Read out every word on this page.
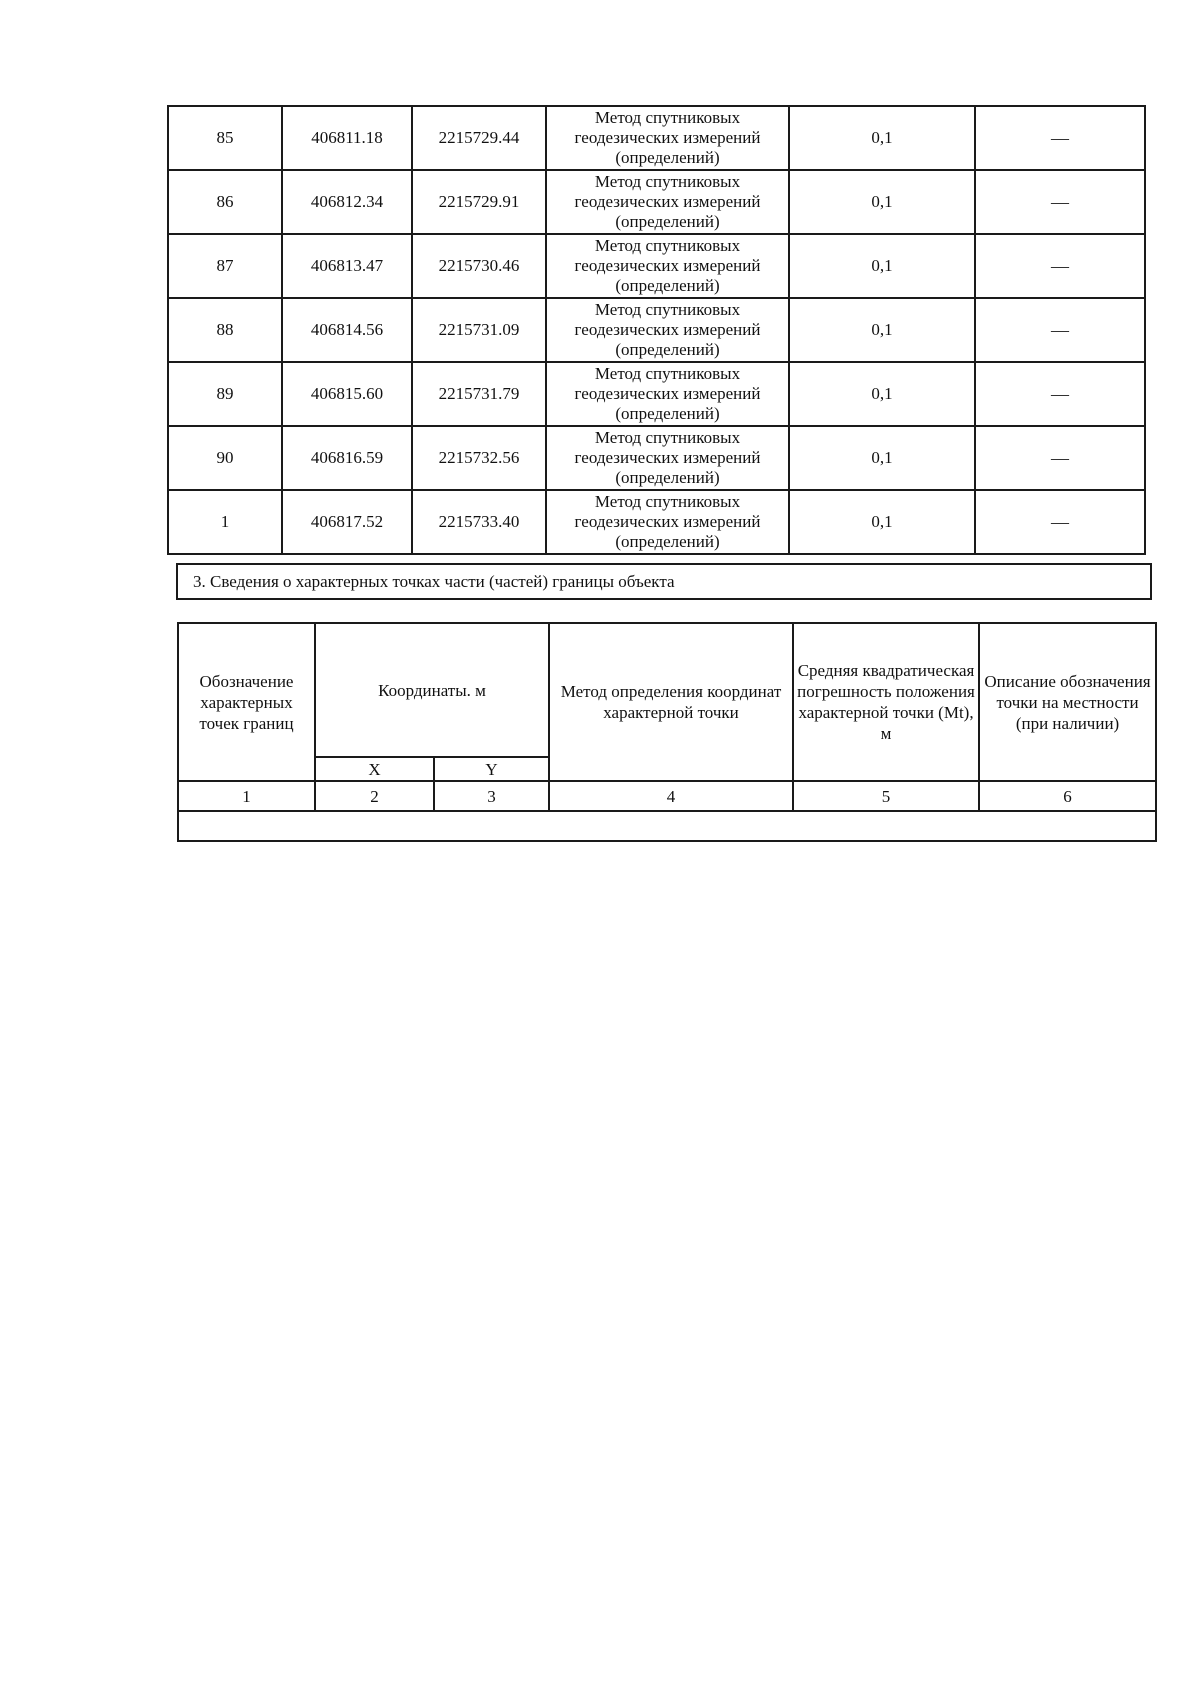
85	406811.18	2215729.44	Метод спутниковых геодезических измерений (определений)	0,1	—
86	406812.34	2215729.91	Метод спутниковых геодезических измерений (определений)	0,1	—
87	406813.47	2215730.46	Метод спутниковых геодезических измерений (определений)	0,1	—
88	406814.56	2215731.09	Метод спутниковых геодезических измерений (определений)	0,1	—
89	406815.60	2215731.79	Метод спутниковых геодезических измерений (определений)	0,1	—
90	406816.59	2215732.56	Метод спутниковых геодезических измерений (определений)	0,1	—
1	406817.52	2215733.40	Метод спутниковых геодезических измерений (определений)	0,1	—
3. Сведения о характерных точках части (частей) границы объекта
Обозначение характерных точек границ	Координаты. м		Метод определения координат характерной точки	Средняя квадратическая погрешность положения характерной точки (Mt), м	Описание обозначения точки на местности (при наличии)
	X	Y			
1	2	3	4	5	6
